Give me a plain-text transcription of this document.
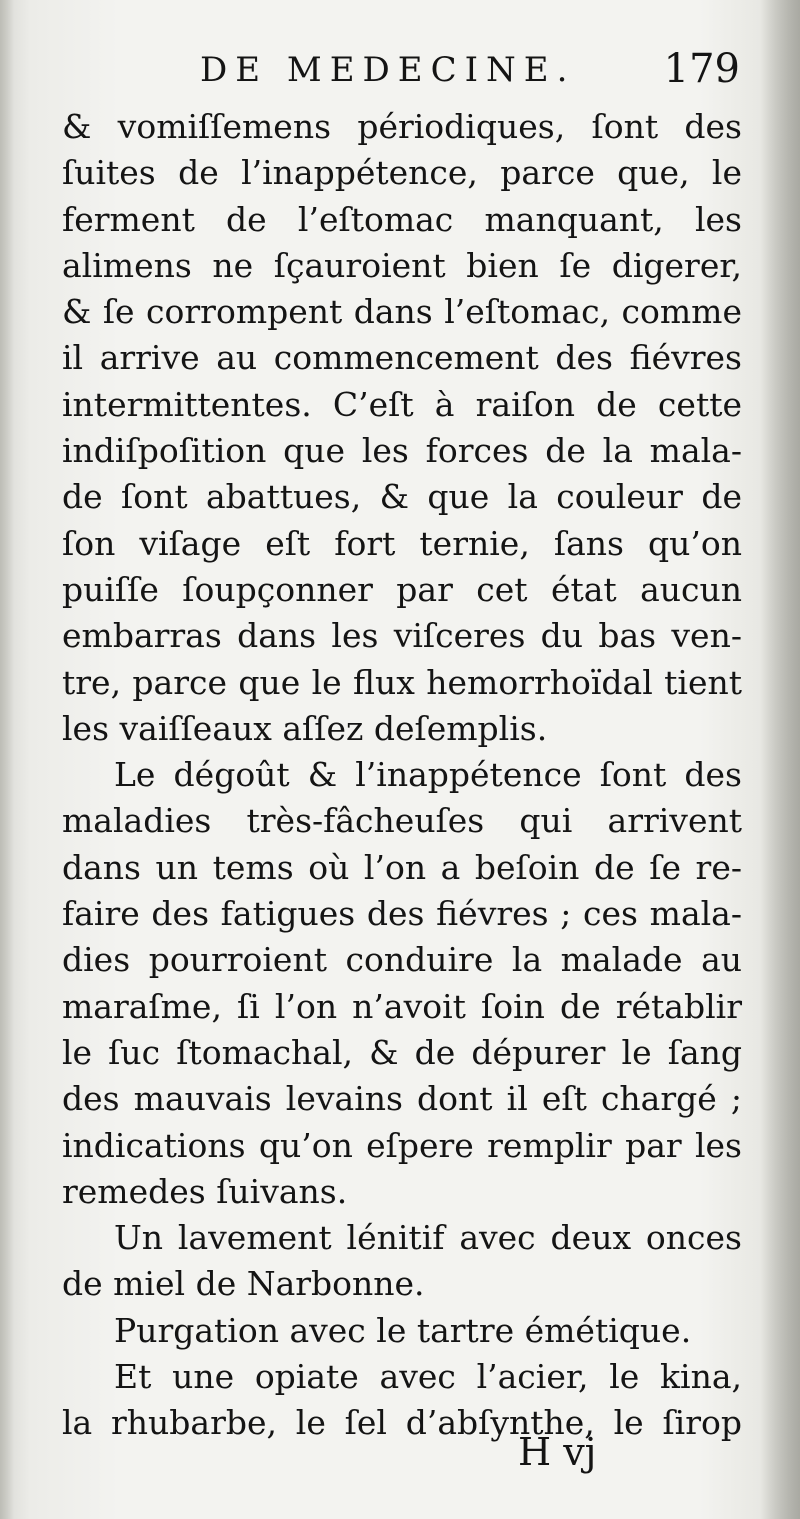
DE MEDECINE. 179
& vomiſſemens périodiques, ſont des
ſuites de l’inappétence, parce que, le
ferment de l’eſtomac manquant, les
alimens ne ſçauroient bien ſe digerer,
& ſe corrompent dans l’eſtomac, comme
il arrive au commencement des fiévres
intermittentes. C’eſt à raiſon de cette
indiſpoſition que les forces de la mala-
de ſont abattues, & que la couleur de
ſon viſage eſt fort ternie, ſans qu’on
puiſſe ſoupçonner par cet état aucun
embarras dans les viſceres du bas ven-
tre, parce que le flux hemorrhoïdal tient
les vaiſſeaux aſſez deſemplis.
Le dégoût & l’inappétence ſont des
maladies très-fâcheuſes qui arrivent
dans un tems où l’on a beſoin de ſe re-
faire des fatigues des fiévres ; ces mala-
dies pourroient conduire la malade au
maraſme, ſi l’on n’avoit ſoin de rétablir
le ſuc ſtomachal, & de dépurer le ſang
des mauvais levains dont il eſt chargé ;
indications qu’on eſpere remplir par les
remedes ſuivans.
Un lavement lénitif avec deux onces
de miel de Narbonne.
Purgation avec le tartre émétique.
Et une opiate avec l’acier, le kina,
la rhubarbe, le ſel d’abſynthe, le ſirop
H vj
